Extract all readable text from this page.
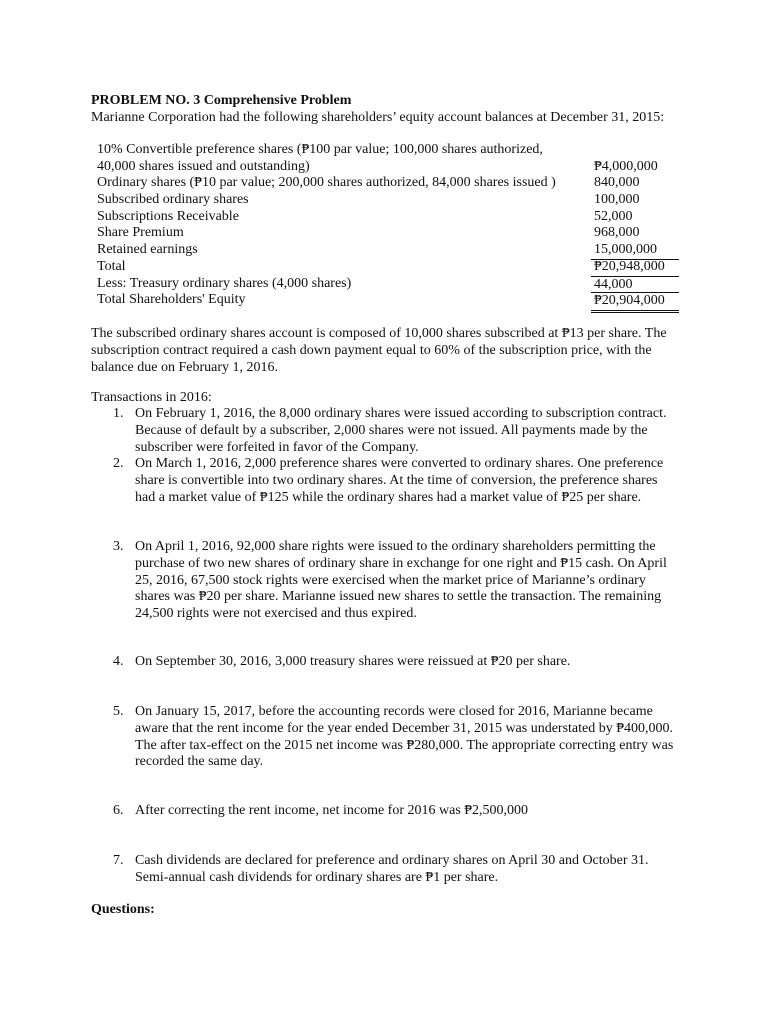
PROBLEM NO. 3 Comprehensive Problem
Marianne Corporation had the following shareholders’ equity account balances at December 31, 2015:
10% Convertible preference shares (₱100 par value; 100,000 shares authorized,
40,000 shares issued and outstanding)	₱4,000,000
Ordinary shares (₱10 par value; 200,000 shares authorized, 84,000 shares issued )	840,000
Subscribed ordinary shares	100,000
Subscriptions Receivable	52,000
Share Premium	968,000
Retained earnings	15,000,000
Total	₱20,948,000
Less: Treasury ordinary shares (4,000 shares)	44,000
Total Shareholders' Equity	₱20,904,000
The subscribed ordinary shares account is composed of 10,000 shares subscribed at ₱13 per share. The subscription contract required a cash down payment equal to 60% of the subscription price, with the balance due on February 1, 2016.
Transactions in 2016:
1. On February 1, 2016, the 8,000 ordinary shares were issued according to subscription contract. Because of default by a subscriber, 2,000 shares were not issued. All payments made by the subscriber were forfeited in favor of the Company.
2. On March 1, 2016, 2,000 preference shares were converted to ordinary shares. One preference share is convertible into two ordinary shares. At the time of conversion, the preference shares had a market value of ₱125 while the ordinary shares had a market value of ₱25 per share.
3. On April 1, 2016, 92,000 share rights were issued to the ordinary shareholders permitting the purchase of two new shares of ordinary share in exchange for one right and ₱15 cash. On April 25, 2016, 67,500 stock rights were exercised when the market price of Marianne’s ordinary shares was ₱20 per share. Marianne issued new shares to settle the transaction. The remaining 24,500 rights were not exercised and thus expired.
4. On September 30, 2016, 3,000 treasury shares were reissued at ₱20 per share.
5. On January 15, 2017, before the accounting records were closed for 2016, Marianne became aware that the rent income for the year ended December 31, 2015 was understated by ₱400,000. The after tax-effect on the 2015 net income was ₱280,000. The appropriate correcting entry was recorded the same day.
6. After correcting the rent income, net income for 2016 was ₱2,500,000
7. Cash dividends are declared for preference and ordinary shares on April 30 and October 31. Semi-annual cash dividends for ordinary shares are ₱1 per share.
Questions:
